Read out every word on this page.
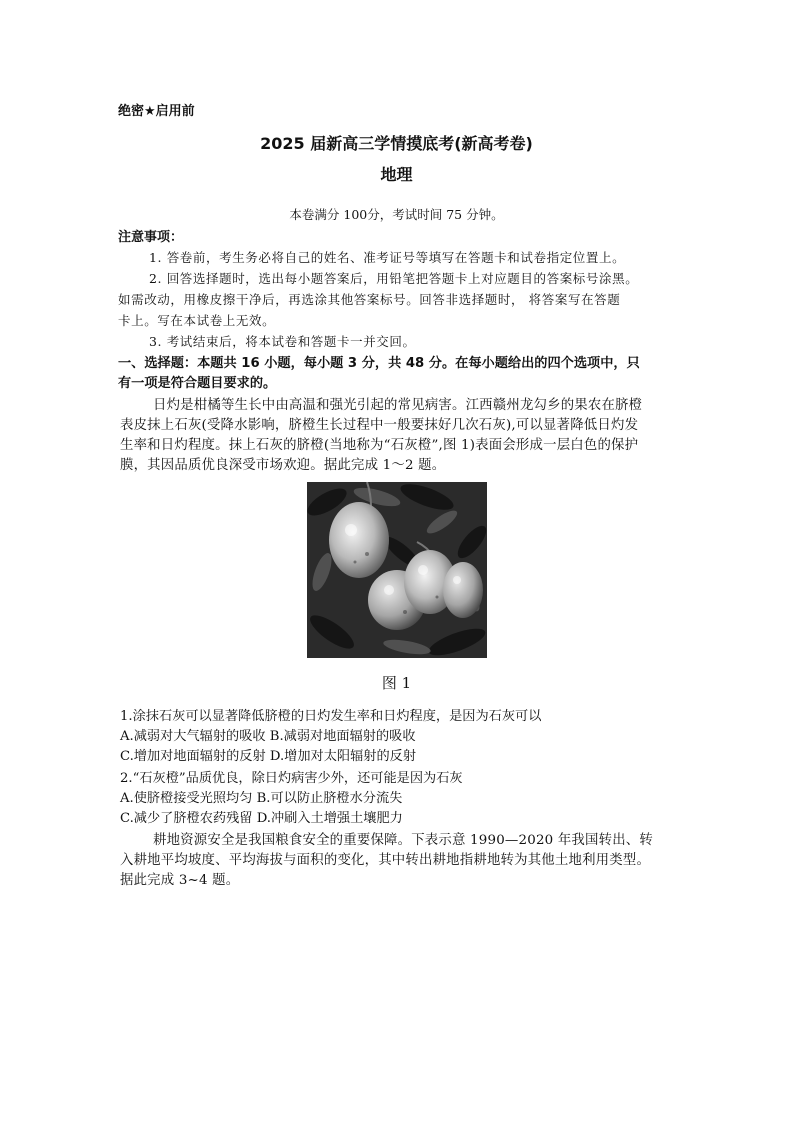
绝密★启用前
2025 届新高三学情摸底考(新高考卷)
地理
本卷满分 100分，考试时间 75 分钟。
注意事项：
1. 答卷前，考生务必将自己的姓名、准考证号等填写在答题卡和试卷指定位置上。
2. 回答选择题时，选出每小题答案后，用铅笔把答题卡上对应题目的答案标号涂黑。
如需改动，用橡皮擦干净后，再选涂其他答案标号。回答非选择题时， 将答案写在答题
卡上。写在本试卷上无效。
3. 考试结束后，将本试卷和答题卡一并交回。
一、选择题：本题共 16 小题，每小题 3 分，共 48 分。在每小题给出的四个选项中，只
有一项是符合题目要求的。
日灼是柑橘等生长中由高温和强光引起的常见病害。江西赣州龙勾乡的果农在脐橙
表皮抹上石灰(受降水影响，脐橙生长过程中一般要抹好几次石灰),可以显著降低日灼发
生率和日灼程度。抹上石灰的脐橙(当地称为“石灰橙”,图 1)表面会形成一层白色的保护
膜，其因品质优良深受市场欢迎。据此完成 1～2 题。
图 1
1.涂抹石灰可以显著降低脐橙的日灼发生率和日灼程度，是因为石灰可以
A.减弱对大气辐射的吸收 B.减弱对地面辐射的吸收
C.增加对地面辐射的反射 D.增加对太阳辐射的反射
2.“石灰橙”品质优良，除日灼病害少外，还可能是因为石灰
A.使脐橙接受光照均匀 B.可以防止脐橙水分流失
C.减少了脐橙农药残留 D.冲刷入土增强土壤肥力
耕地资源安全是我国粮食安全的重要保障。下表示意 1990—2020 年我国转出、转
入耕地平均坡度、平均海拔与面积的变化，其中转出耕地指耕地转为其他土地利用类型。
据此完成 3~4 题。
